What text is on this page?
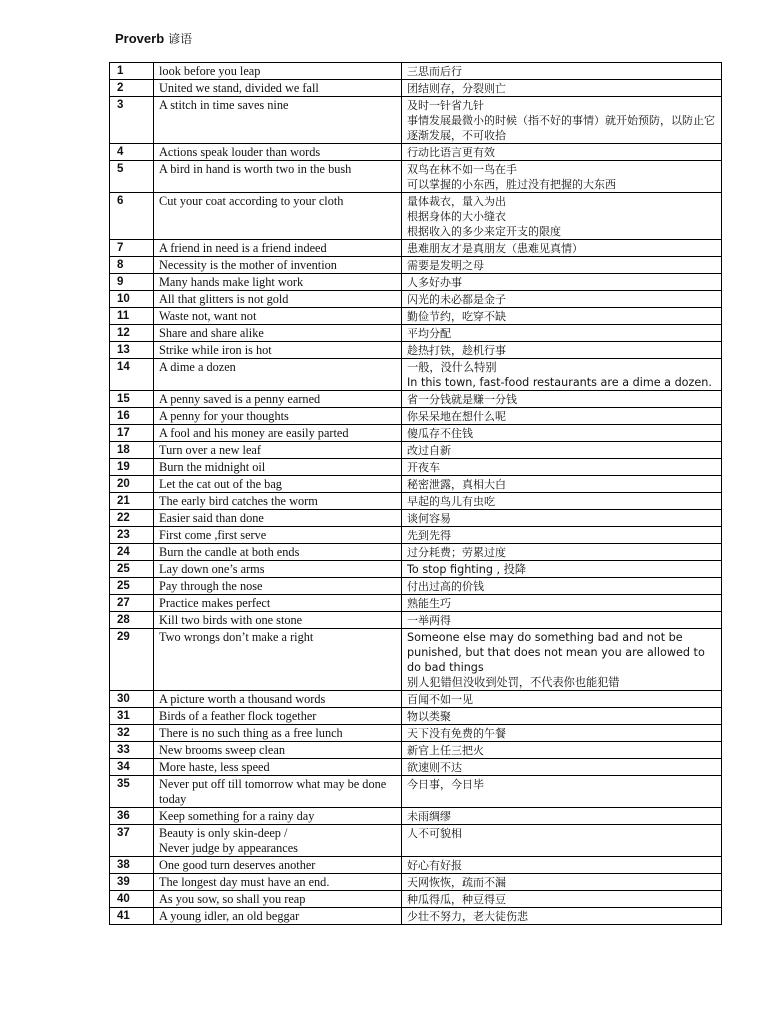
Proverb 谚语
1	look before you leap	三思而后行
2	United we stand, divided we fall	团结则存，分裂则亡
3	A stitch in time saves nine	及时一针省九针
事情发展最微小的时候（指不好的事情）就开始预防，以防止它逐渐发展，不可收拾
4	Actions speak louder than words	行动比语言更有效
5	A bird in hand is worth two in the bush	双鸟在林不如一鸟在手
可以掌握的小东西，胜过没有把握的大东西
6	Cut your coat according to your cloth	量体裁衣，量入为出
根据身体的大小缝衣
根据收入的多少来定开支的限度
7	A friend in need is a friend indeed	患难朋友才是真朋友（患难见真情）
8	Necessity is the mother of invention	需要是发明之母
9	Many hands make light work	人多好办事
10	All that glitters is not gold	闪光的未必都是金子
11	Waste not, want not	勤俭节约，吃穿不缺
12	Share and share alike	平均分配
13	Strike while iron is hot	趁热打铁，趁机行事
14	A dime a dozen	一般，没什么特别
In this town, fast-food restaurants are a dime a dozen.
15	A penny saved is a penny earned	省一分钱就是赚一分钱
16	A penny for your thoughts	你呆呆地在想什么呢
17	A fool and his money are easily parted	傻瓜存不住钱
18	Turn over a new leaf	改过自新
19	Burn the midnight oil	开夜车
20	Let the cat out of the bag	秘密泄露，真相大白
21	The early bird catches the worm	早起的鸟儿有虫吃
22	Easier said than done	谈何容易
23	First come ,first serve	先到先得
24	Burn the candle at both ends	过分耗费；劳累过度
25	Lay down one’s arms	To stop fighting , 投降
25	Pay through the nose	付出过高的价钱
27	Practice makes perfect	熟能生巧
28	Kill two birds with one stone	一举两得
29	Two wrongs don’t make a right	Someone else may do something bad and not be punished, but that does not mean you are allowed to do bad things
别人犯错但没收到处罚，不代表你也能犯错
30	A picture worth a thousand words	百闻不如一见
31	Birds of a feather flock together	物以类聚
32	There is no such thing as a free lunch	天下没有免费的午餐
33	New brooms sweep clean	新官上任三把火
34	More haste, less speed	欲速则不达
35	Never put off till tomorrow what may be done today	今日事，今日毕
36	Keep something for a rainy day	未雨绸缪
37	Beauty is only skin-deep /
Never judge by appearances	人不可貌相
38	One good turn deserves another	好心有好报
39	The longest day must have an end.	天网恢恢，疏而不漏
40	As you sow, so shall you reap	种瓜得瓜，种豆得豆
41	A young idler, an old beggar	少壮不努力，老大徒伤悲
